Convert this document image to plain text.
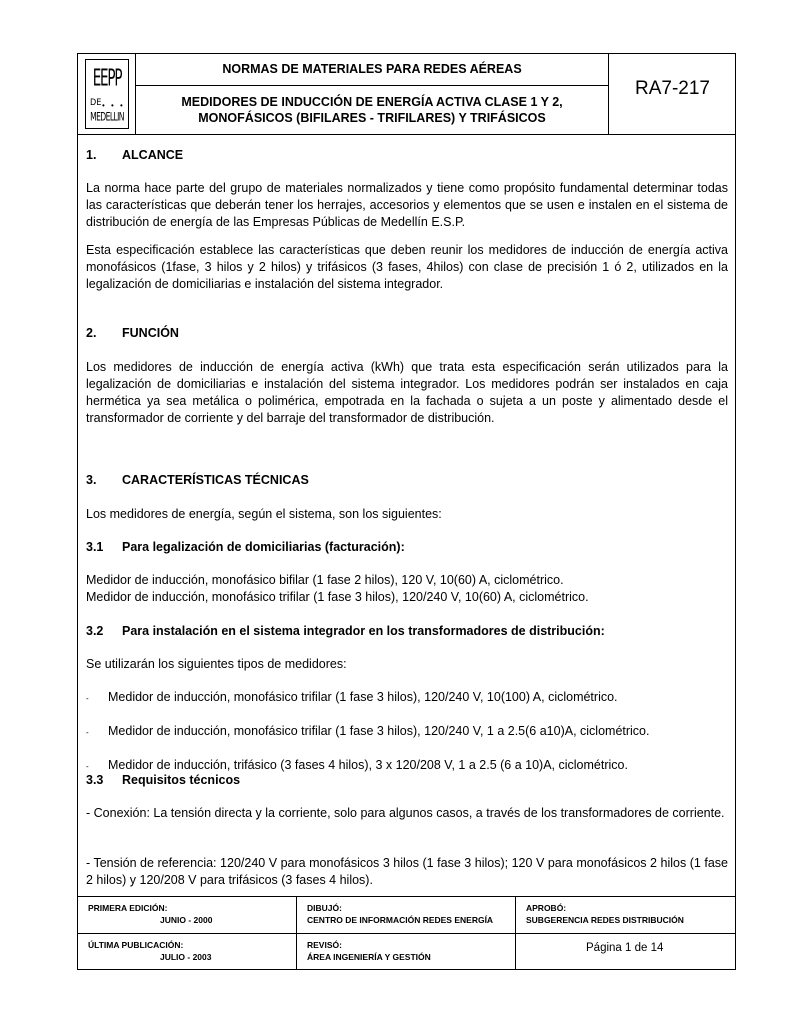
EEPP
DE • • •
MEDELLIN
NORMAS DE MATERIALES PARA REDES AÉREAS
MEDIDORES DE INDUCCIÓN DE ENERGÍA ACTIVA CLASE 1 Y 2,
MONOFÁSICOS (BIFILARES - TRIFILARES) Y TRIFÁSICOS
RA7-217
1. ALCANCE
La norma hace parte del grupo de materiales normalizados y tiene como propósito fundamental determinar todas las características que deberán tener los herrajes, accesorios y elementos que se usen e instalen en el sistema de distribución de energía de las Empresas Públicas de Medellín E.S.P.
Esta especificación establece las características que deben reunir los medidores de inducción de energía activa monofásicos (1fase, 3 hilos y 2 hilos) y trifásicos (3 fases, 4hilos) con clase de precisión 1 ó 2, utilizados en la legalización de domiciliarias e instalación del sistema integrador.
2. FUNCIÓN
Los medidores de inducción de energía activa (kWh) que trata esta especificación serán utilizados para la legalización de domiciliarias e instalación del sistema integrador. Los medidores podrán ser instalados en caja hermética ya sea metálica o polimérica, empotrada en la fachada o sujeta a un poste y alimentado desde el transformador de corriente y del barraje del transformador de distribución.
3. CARACTERÍSTICAS TÉCNICAS
Los medidores de energía, según el sistema, son los siguientes:
3.1 Para legalización de domiciliarias (facturación):
Medidor de inducción, monofásico bifilar (1 fase 2 hilos), 120 V, 10(60) A, ciclométrico.
Medidor de inducción, monofásico trifilar (1 fase 3 hilos), 120/240 V, 10(60) A, ciclométrico.
3.2 Para instalación en el sistema integrador en los transformadores de distribución:
Se utilizarán los siguientes tipos de medidores:
- Medidor de inducción, monofásico trifilar (1 fase 3 hilos), 120/240 V, 10(100) A, ciclométrico.
- Medidor de inducción, monofásico trifilar (1 fase 3 hilos), 120/240 V, 1 a 2.5(6 a10)A, ciclométrico.
- Medidor de inducción, trifásico (3 fases 4 hilos), 3 x 120/208 V, 1 a 2.5 (6 a 10)A, ciclométrico.
3.3 Requisitos técnicos
- Conexión: La tensión directa y la corriente, solo para algunos casos, a través de los transformadores de corriente.
- Tensión de referencia: 120/240 V para monofásicos 3 hilos (1 fase 3 hilos); 120 V para monofásicos 2 hilos (1 fase 2 hilos) y 120/208 V para trifásicos (3 fases 4 hilos).
PRIMERA EDICIÓN:
JUNIO - 2000
DIBUJÓ:
CENTRO DE INFORMACIÓN REDES ENERGÍA
APROBÓ:
SUBGERENCIA REDES DISTRIBUCIÓN
ÚLTIMA PUBLICACIÓN:
JULIO - 2003
REVISÓ:
ÁREA INGENIERÍA Y GESTIÓN
Página 1 de 14
